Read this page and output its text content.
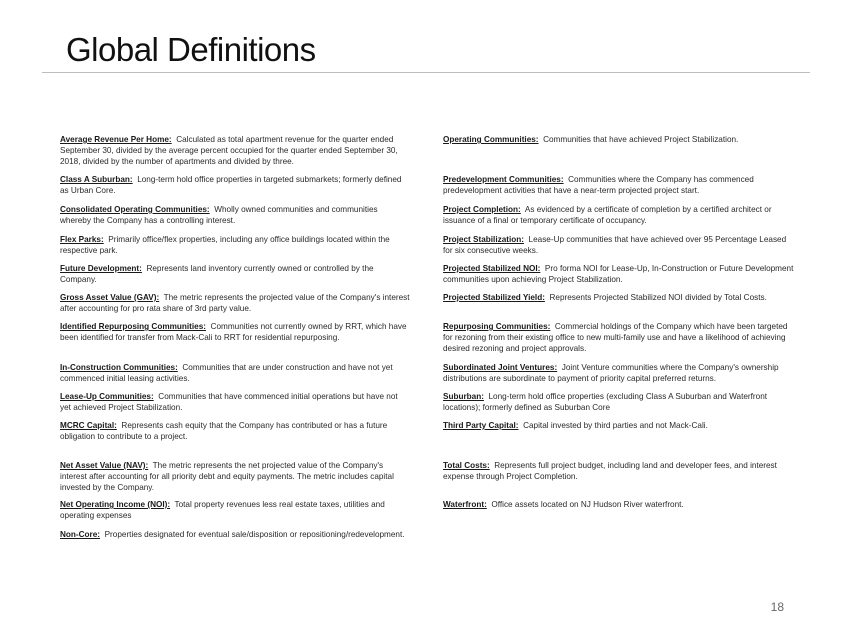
Global Definitions

Average Revenue Per Home: Calculated as total apartment revenue for the quarter ended September 30, divided by the average percent occupied for the quarter ended September 30, 2018, divided by the number of apartments and divided by three.

Class A Suburban: Long-term hold office properties in targeted submarkets; formerly defined as Urban Core.

Consolidated Operating Communities: Wholly owned communities and communities whereby the Company has a controlling interest.

Flex Parks: Primarily office/flex properties, including any office buildings located within the respective park.

Future Development: Represents land inventory currently owned or controlled by the Company.

Gross Asset Value (GAV): The metric represents the projected value of the Company's interest after accounting for pro rata share of 3rd party value.

Identified Repurposing Communities: Communities not currently owned by RRT, which have been identified for transfer from Mack-Cali to RRT for residential repurposing.

In-Construction Communities: Communities that are under construction and have not yet commenced initial leasing activities.

Lease-Up Communities: Communities that have commenced initial operations but have not yet achieved Project Stabilization.

MCRC Capital: Represents cash equity that the Company has contributed or has a future obligation to contribute to a project.

Net Asset Value (NAV): The metric represents the net projected value of the Company's interest after accounting for all priority debt and equity payments. The metric includes capital invested by the Company.

Net Operating Income (NOI): Total property revenues less real estate taxes, utilities and operating expenses

Non-Core: Properties designated for eventual sale/disposition or repositioning/redevelopment.

Operating Communities: Communities that have achieved Project Stabilization.

Predevelopment Communities: Communities where the Company has commenced predevelopment activities that have a near-term projected project start.

Project Completion: As evidenced by a certificate of completion by a certified architect or issuance of a final or temporary certificate of occupancy.

Project Stabilization: Lease-Up communities that have achieved over 95 Percentage Leased for six consecutive weeks.

Projected Stabilized NOI: Pro forma NOI for Lease-Up, In-Construction or Future Development communities upon achieving Project Stabilization.

Projected Stabilized Yield: Represents Projected Stabilized NOI divided by Total Costs.

Repurposing Communities: Commercial holdings of the Company which have been targeted for rezoning from their existing office to new multi-family use and have a likelihood of achieving desired rezoning and project approvals.

Subordinated Joint Ventures: Joint Venture communities where the Company's ownership distributions are subordinate to payment of priority capital preferred returns.

Suburban: Long-term hold office properties (excluding Class A Suburban and Waterfront locations); formerly defined as Suburban Core

Third Party Capital: Capital invested by third parties and not Mack-Cali.

Total Costs: Represents full project budget, including land and developer fees, and interest expense through Project Completion.

Waterfront: Office assets located on NJ Hudson River waterfront.

18
